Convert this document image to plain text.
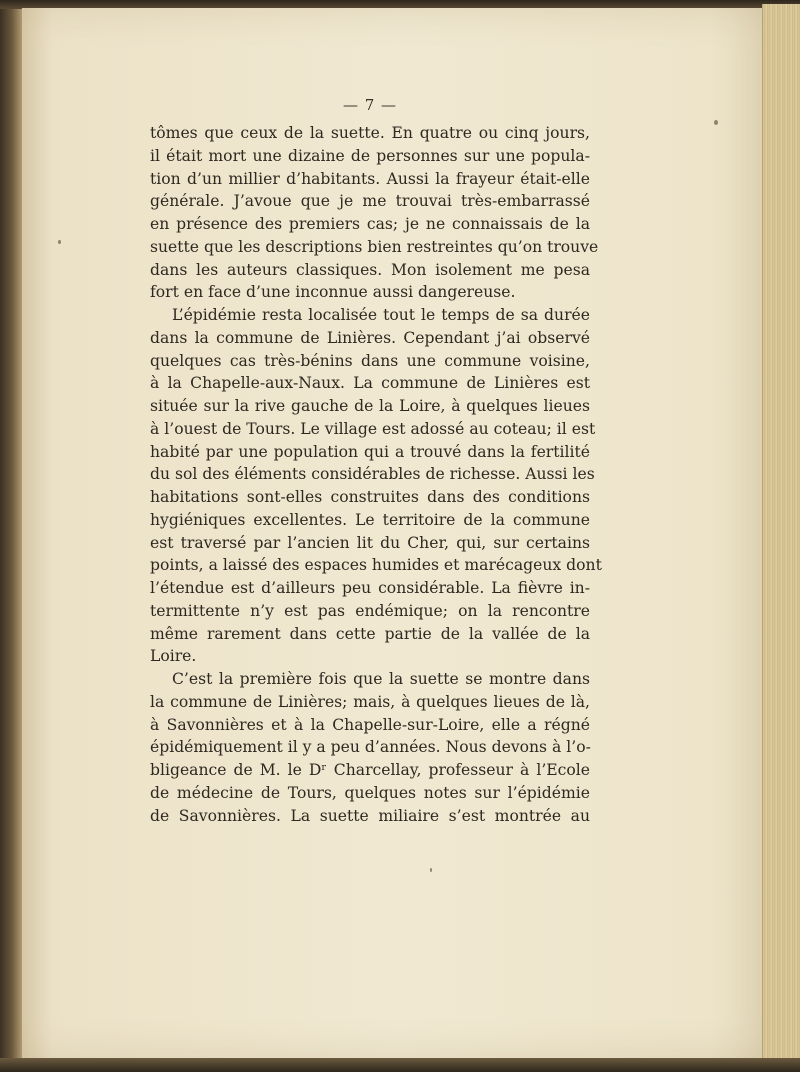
— 7 —
tômes que ceux de la suette. En quatre ou cinq jours,
il était mort une dizaine de personnes sur une popula-
tion d’un millier d’habitants. Aussi la frayeur était-elle
générale. J’avoue que je me trouvai très-embarrassé
en présence des premiers cas; je ne connaissais de la
suette que les descriptions bien restreintes qu’on trouve
dans les auteurs classiques. Mon isolement me pesa
fort en face d’une inconnue aussi dangereuse.
L’épidémie resta localisée tout le temps de sa durée
dans la commune de Linières. Cependant j’ai observé
quelques cas très-bénins dans une commune voisine,
à la Chapelle-aux-Naux. La commune de Linières est
située sur la rive gauche de la Loire, à quelques lieues
à l’ouest de Tours. Le village est adossé au coteau; il est
habité par une population qui a trouvé dans la fertilité
du sol des éléments considérables de richesse. Aussi les
habitations sont-elles construites dans des conditions
hygiéniques excellentes. Le territoire de la commune
est traversé par l’ancien lit du Cher, qui, sur certains
points, a laissé des espaces humides et marécageux dont
l’étendue est d’ailleurs peu considérable. La fièvre in-
termittente n’y est pas endémique; on la rencontre
même rarement dans cette partie de la vallée de la
Loire.
C’est la première fois que la suette se montre dans
la commune de Linières; mais, à quelques lieues de là,
à Savonnières et à la Chapelle-sur-Loire, elle a régné
épidémiquement il y a peu d’années. Nous devons à l’o-
bligeance de M. le Dʳ Charcellay, professeur à l’Ecole
de médecine de Tours, quelques notes sur l’épidémie
de Savonnières. La suette miliaire s’est montrée au
